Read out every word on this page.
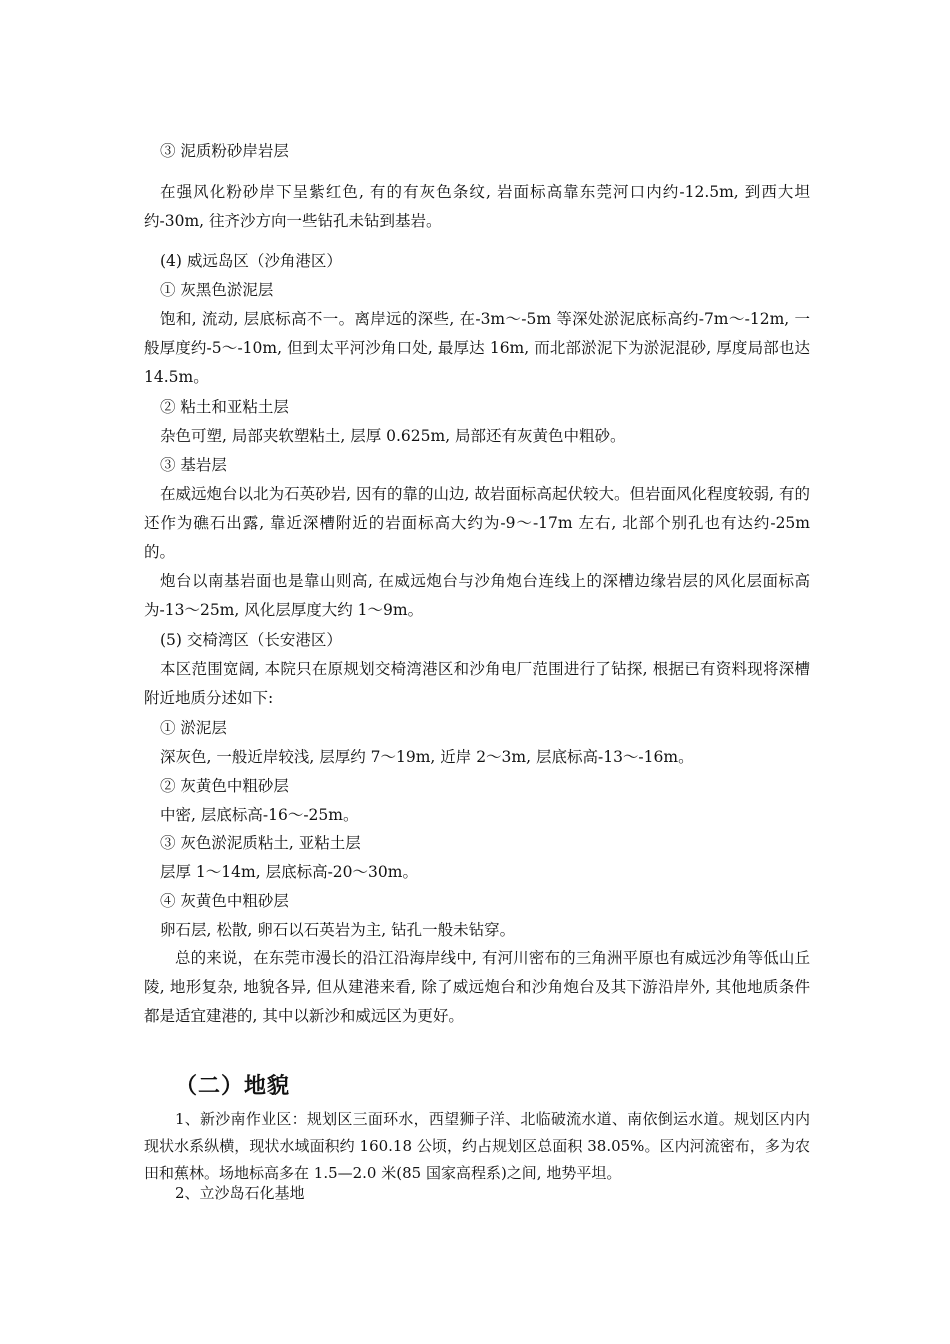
③ 泥质粉砂岸岩层

在强风化粉砂岸下呈紫红色, 有的有灰色条纹, 岩面标高靠东莞河口内约-12.5m, 到西大坦约-30m, 往齐沙方向一些钻孔未钻到基岩。

(4) 威远岛区（沙角港区）

① 灰黑色淤泥层

饱和, 流动, 层底标高不一。离岸远的深些, 在-3m～-5m 等深处淤泥底标高约-7m～-12m, 一般厚度约-5～-10m, 但到太平河沙角口处, 最厚达 16m, 而北部淤泥下为淤泥混砂, 厚度局部也达 14.5m。

② 粘土和亚粘土层

杂色可塑, 局部夹软塑粘土, 层厚 0.625m, 局部还有灰黄色中粗砂。

③ 基岩层

在威远炮台以北为石英砂岩, 因有的靠的山边, 故岩面标高起伏较大。但岩面风化程度较弱, 有的还作为礁石出露, 靠近深槽附近的岩面标高大约为-9～-17m 左右, 北部个别孔也有达约-25m 的。

炮台以南基岩面也是靠山则高, 在威远炮台与沙角炮台连线上的深槽边缘岩层的风化层面标高为-13～25m, 风化层厚度大约 1～9m。

(5) 交椅湾区（长安港区）

本区范围宽阔, 本院只在原规划交椅湾港区和沙角电厂范围进行了钻探, 根据已有资料现将深槽附近地质分述如下:

① 淤泥层

深灰色, 一般近岸较浅, 层厚约 7～19m, 近岸 2～3m, 层底标高-13～-16m。

② 灰黄色中粗砂层

中密, 层底标高-16～-25m。

③ 灰色淤泥质粘土, 亚粘土层

层厚 1～14m, 层底标高-20～30m。

④ 灰黄色中粗砂层

卵石层, 松散, 卵石以石英岩为主, 钻孔一般未钻穿。

总的来说，在东莞市漫长的沿江沿海岸线中, 有河川密布的三角洲平原也有威远沙角等低山丘陵, 地形复杂, 地貌各异, 但从建港来看, 除了威远炮台和沙角炮台及其下游沿岸外, 其他地质条件都是适宜建港的, 其中以新沙和威远区为更好。

（二）地貌

1、新沙南作业区：规划区三面环水，西望狮子洋、北临破流水道、南依倒运水道。规划区内内现状水系纵横，现状水域面积约 160.18 公顷，约占规划区总面积 38.05%。区内河流密布，多为农田和蕉林。场地标高多在 1.5—2.0 米(85 国家高程系)之间, 地势平坦。

2、立沙岛石化基地
